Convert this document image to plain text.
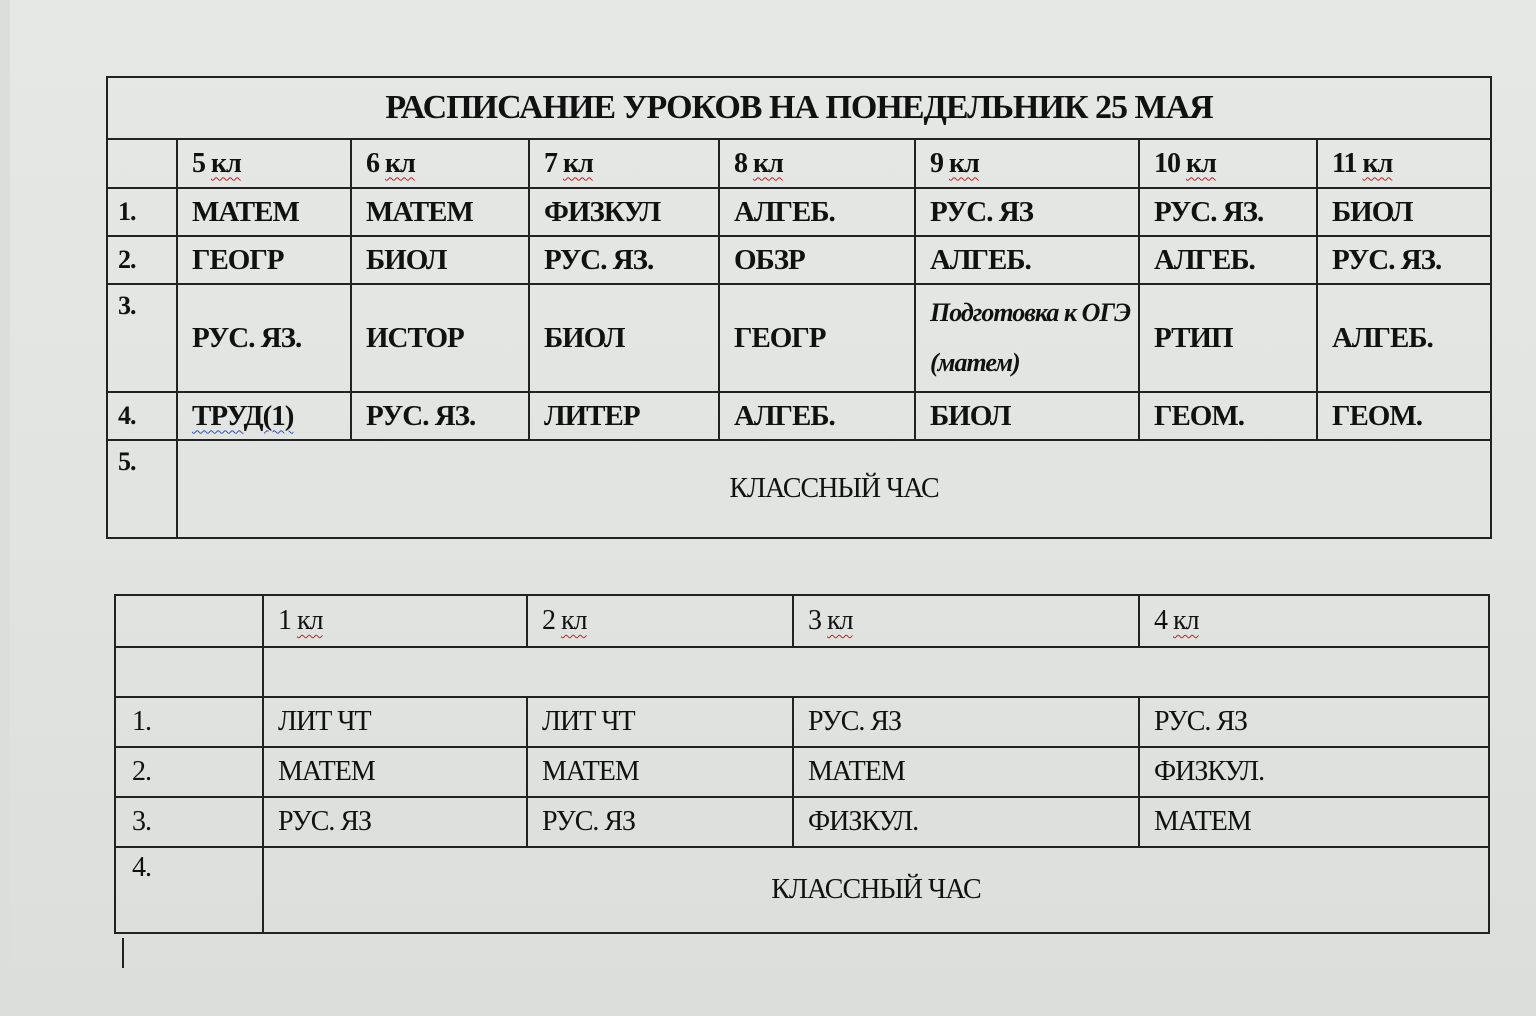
РАСПИСАНИЕ УРОКОВ НА ПОНЕДЕЛЬНИК 25 МАЯ							
	5 кл	6 кл	7 кл	8 кл	9 кл	10 кл	11 кл
1.	МАТЕМ	МАТЕМ	ФИЗКУЛ	АЛГЕБ.	РУС. ЯЗ	РУС. ЯЗ.	БИОЛ
2.	ГЕОГР	БИОЛ	РУС. ЯЗ.	ОБЗР	АЛГЕБ.	АЛГЕБ.	РУС. ЯЗ.
3.	РУС. ЯЗ.	ИСТОР	БИОЛ	ГЕОГР	Подготовка к ОГЭ (матем)	РТИП	АЛГЕБ.
4.	ТРУД(1)	РУС. ЯЗ.	ЛИТЕР	АЛГЕБ.	БИОЛ	ГЕОМ.	ГЕОМ.
5.	КЛАССНЫЙ ЧАС						
	1 кл	2 кл	3 кл	4 кл

1.	ЛИТ ЧТ	ЛИТ ЧТ	РУС. ЯЗ	РУС. ЯЗ
2.	МАТЕМ	МАТЕМ	МАТЕМ	ФИЗКУЛ.
3.	РУС. ЯЗ	РУС. ЯЗ	ФИЗКУЛ.	МАТЕМ
4.	КЛАССНЫЙ ЧАС			
